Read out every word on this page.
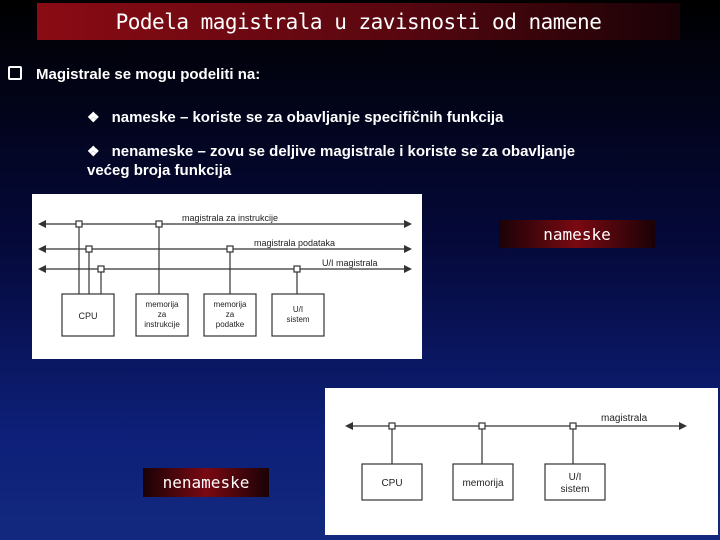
Podela magistrala u zavisnosti od namene
Magistrale se mogu podeliti na:
❖ nameske – koriste se za obavljanje specifičnih funkcija
❖ nenameske – zovu se deljive magistrale i koriste se za obavljanje
većeg broja funkcija
magistrala za instrukcije
magistrala podataka
U/I magistrala
CPU
memorija
za
instrukcije
memorija
za
podatke
U/I
sistem
nameske
magistrala
CPU	memorija
U/I
sistem
nenameske
